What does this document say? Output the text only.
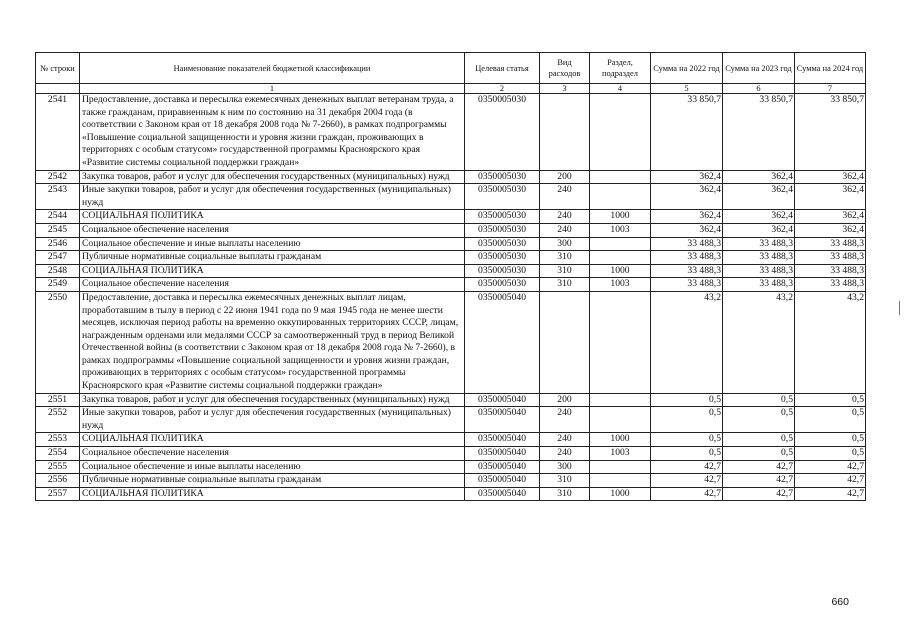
№ строки	Наименование показателей бюджетной классификации	Целевая статья	Вид расходов	Раздел, подраздел	Сумма на 2022 год	Сумма на 2023 год	Сумма на 2024 год
	1	2	3	4	5	6	7
2541	Предоставление, доставка и пересылка ежемесячных денежных выплат ветеранам труда, а также гражданам, приравненным к ним по состоянию на 31 декабря 2004 года (в соответствии с Законом края от 18 декабря 2008 года № 7-2660), в рамках подпрограммы «Повышение социальной защищенности и уровня жизни граждан, проживающих в территориях с особым статусом» государственной программы Красноярского края «Развитие системы социальной поддержки граждан»	0350005030			33 850,7	33 850,7	33 850,7
2542	Закупка товаров, работ и услуг для обеспечения государственных (муниципальных) нужд	0350005030	200		362,4	362,4	362,4
2543	Иные закупки товаров, работ и услуг для обеспечения государственных (муниципальных) нужд	0350005030	240		362,4	362,4	362,4
2544	СОЦИАЛЬНАЯ ПОЛИТИКА	0350005030	240	1000	362,4	362,4	362,4
2545	Социальное обеспечение населения	0350005030	240	1003	362,4	362,4	362,4
2546	Социальное обеспечение и иные выплаты населению	0350005030	300		33 488,3	33 488,3	33 488,3
2547	Публичные нормативные социальные выплаты гражданам	0350005030	310		33 488,3	33 488,3	33 488,3
2548	СОЦИАЛЬНАЯ ПОЛИТИКА	0350005030	310	1000	33 488,3	33 488,3	33 488,3
2549	Социальное обеспечение населения	0350005030	310	1003	33 488,3	33 488,3	33 488,3
2550	Предоставление, доставка и пересылка ежемесячных денежных выплат лицам, проработавшим в тылу в период с 22 июня 1941 года по 9 мая 1945 года не менее шести месяцев, исключая период работы на временно оккупированных территориях СССР, лицам, награжденным орденами или медалями СССР за самоотверженный труд в период Великой Отечественной войны (в соответствии с Законом края от 18 декабря 2008 года № 7-2660), в рамках подпрограммы «Повышение социальной защищенности и уровня жизни граждан, проживающих в территориях с особым статусом» государственной программы Красноярского края «Развитие системы социальной поддержки граждан»	0350005040			43,2	43,2	43,2
2551	Закупка товаров, работ и услуг для обеспечения государственных (муниципальных) нужд	0350005040	200		0,5	0,5	0,5
2552	Иные закупки товаров, работ и услуг для обеспечения государственных (муниципальных) нужд	0350005040	240		0,5	0,5	0,5
2553	СОЦИАЛЬНАЯ ПОЛИТИКА	0350005040	240	1000	0,5	0,5	0,5
2554	Социальное обеспечение населения	0350005040	240	1003	0,5	0,5	0,5
2555	Социальное обеспечение и иные выплаты населению	0350005040	300		42,7	42,7	42,7
2556	Публичные нормативные социальные выплаты гражданам	0350005040	310		42,7	42,7	42,7
2557	СОЦИАЛЬНАЯ ПОЛИТИКА	0350005040	310	1000	42,7	42,7	42,7
660
